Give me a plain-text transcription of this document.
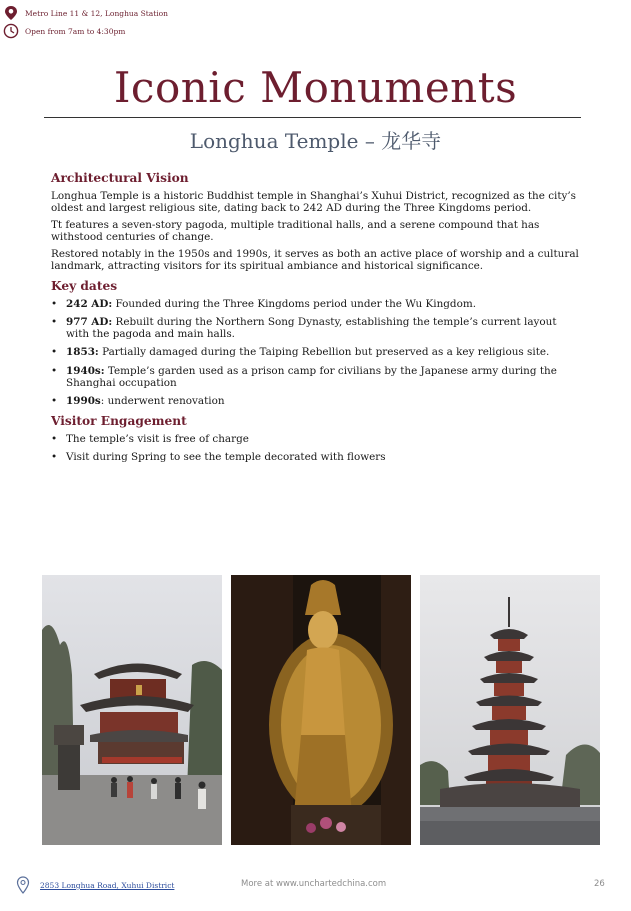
Metro Line 11 & 12, Longhua Station
Open from 7am to 4:30pm
Iconic Monuments
Longhua Temple – 龙华寺
Architectural Vision

Longhua Temple is a historic Buddhist temple in Shanghai’s Xuhui District, recognized as the city’s oldest and largest religious site, dating back to 242 AD during the Three Kingdoms period.

Tt features a seven-story pagoda, multiple traditional halls, and a serene compound that has withstood centuries of change.

Restored notably in the 1950s and 1990s, it serves as both an active place of worship and a cultural landmark, attracting visitors for its spiritual ambiance and historical significance.

Key dates
• 242 AD: Founded during the Three Kingdoms period under the Wu Kingdom.
• 977 AD: Rebuilt during the Northern Song Dynasty, establishing the temple’s current layout with the pagoda and main halls.
• 1853: Partially damaged during the Taiping Rebellion but preserved as a key religious site.
• 1940s: Temple’s garden used as a prison camp for civilians by the Japanese army during the Shanghai occupation
• 1990s: underwent renovation
Visitor Engagement
• The temple’s visit is free of charge
• Visit during Spring to see the temple decorated with flowers
2853 Longhua Road, Xuhui District	More at www.unchartedchina.com	26
